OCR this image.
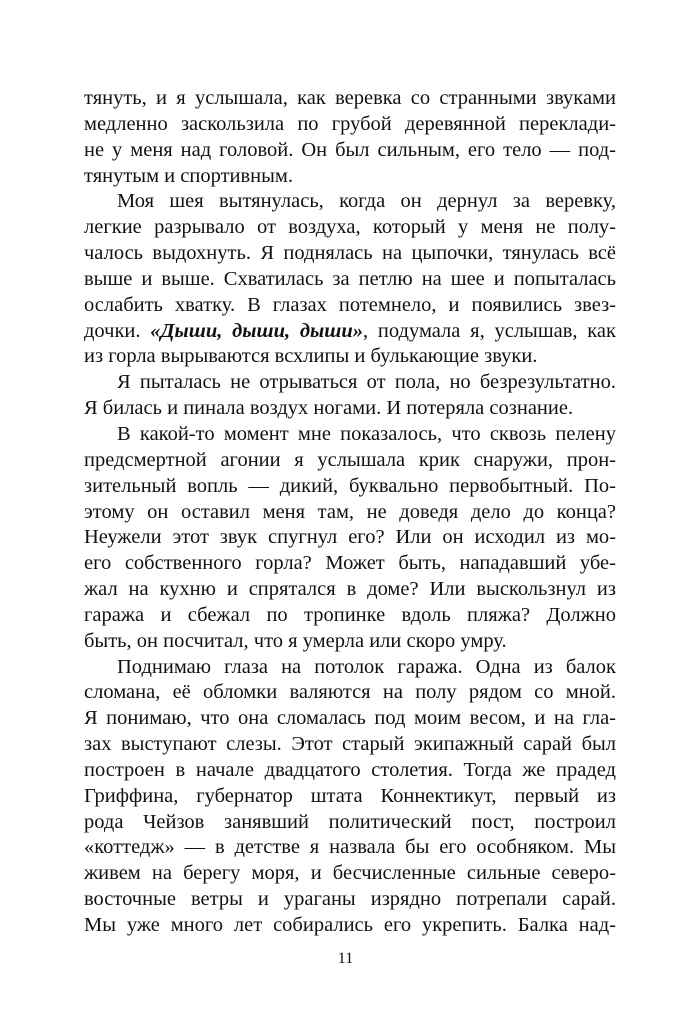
тянуть, и я услышала, как веревка со странными звуками
медленно заскользила по грубой деревянной переклади-
не у меня над головой. Он был сильным, его тело — под-
тянутым и спортивным.
Моя шея вытянулась, когда он дернул за веревку,
легкие разрывало от воздуха, который у меня не полу-
чалось выдохнуть. Я поднялась на цыпочки, тянулась всё
выше и выше. Схватилась за петлю на шее и попыталась
ослабить хватку. В глазах потемнело, и появились звез-
дочки. «Дыши, дыши, дыши», подумала я, услышав, как
из горла вырываются всхлипы и булькающие звуки.
Я пыталась не отрываться от пола, но безрезультатно.
Я билась и пинала воздух ногами. И потеряла сознание.
В какой-то момент мне показалось, что сквозь пелену
предсмертной агонии я услышала крик снаружи, прон-
зительный вопль — дикий, буквально первобытный. По-
этому он оставил меня там, не доведя дело до конца?
Неужели этот звук спугнул его? Или он исходил из мо-
его собственного горла? Может быть, нападавший убе-
жал на кухню и спрятался в доме? Или выскользнул из
гаража и сбежал по тропинке вдоль пляжа? Должно
быть, он посчитал, что я умерла или скоро умру.
Поднимаю глаза на потолок гаража. Одна из балок
сломана, её обломки валяются на полу рядом со мной.
Я понимаю, что она сломалась под моим весом, и на гла-
зах выступают слезы. Этот старый экипажный сарай был
построен в начале двадцатого столетия. Тогда же прадед
Гриффина, губернатор штата Коннектикут, первый из
рода Чейзов занявший политический пост, построил
«коттедж» — в детстве я назвала бы его особняком. Мы
живем на берегу моря, и бесчисленные сильные северо-
восточные ветры и ураганы изрядно потрепали сарай.
Мы уже много лет собирались его укрепить. Балка над-
11
